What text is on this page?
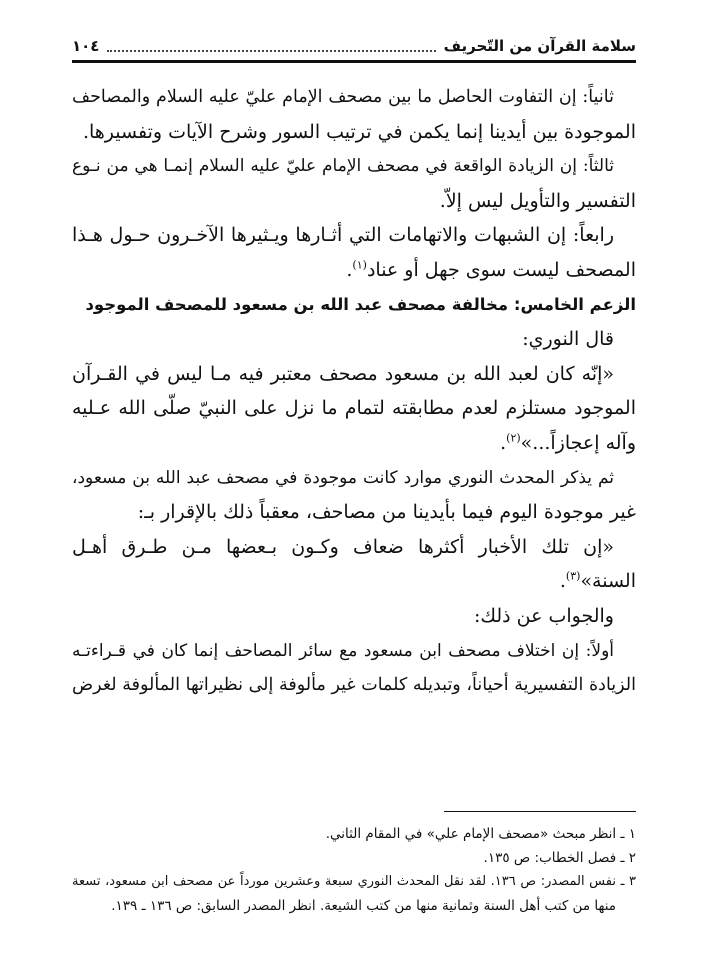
سلامة القرآن من التّحريف
١٠٤
ثانياً: إن التفاوت الحاصل ما بين مصحف الإمام عليّ عليه السلام والمصاحف
الموجودة بين أيدينا إنما يكمن في ترتيب السور وشرح الآيات وتفسيرها.
ثالثاً: إن الزيادة الواقعة في مصحف الإمام عليّ عليه السلام إنمـا هي من نـوع
التفسير والتأويل ليس إلاّ.
رابعاً: إن الشبهات والاتهامات التي أثـارها ويـثيرها الآخـرون حـول هـذا
المصحف ليست سوى جهل أو عناد$^{(١)}$.
الزعم الخامس: مخالفة مصحف عبد الله بن مسعود للمصحف الموجود
قال النوري:
«إنّه كان لعبد الله بن مسعود مصحف معتبر فيه مـا ليس في القـرآن
الموجود مستلزم لعدم مطابقته لتمام ما نزل على النبيّ صلّى الله عـليه
وآله إعجازاً...»$^{(٢)}$.
ثم يذكر المحدث النوري موارد كانت موجودة في مصحف عبد الله بن مسعود،
غير موجودة اليوم فيما بأيدينا من مصاحف، معقباً ذلك بالإقرار بـ:
«إن تلك الأخبار أكثرها ضعاف وكـون بـعضها مـن طـرق أهـل
السنة»$^{(٣)}$.
والجواب عن ذلك:
أولاً: إن اختلاف مصحف ابن مسعود مع سائر المصاحف إنما كان في قـراءتـه
الزيادة التفسيرية أحياناً، وتبديله كلمات غير مألوفة إلى نظيراتها المألوفة لغرض
١ ـ انظر مبحث «مصحف الإمام علي» في المقام الثاني.
٢ ـ فصل الخطاب: ص ١٣٥.
٣ ـ نفس المصدر: ص ١٣٦. لقد نقل المحدث النوري سبعة وعشرين مورداً عن مصحف ابن مسعود، تسعة
منها من كتب أهل السنة وثمانية منها من كتب الشيعة. انظر المصدر السابق: ص ١٣٦ ـ ١٣٩.
